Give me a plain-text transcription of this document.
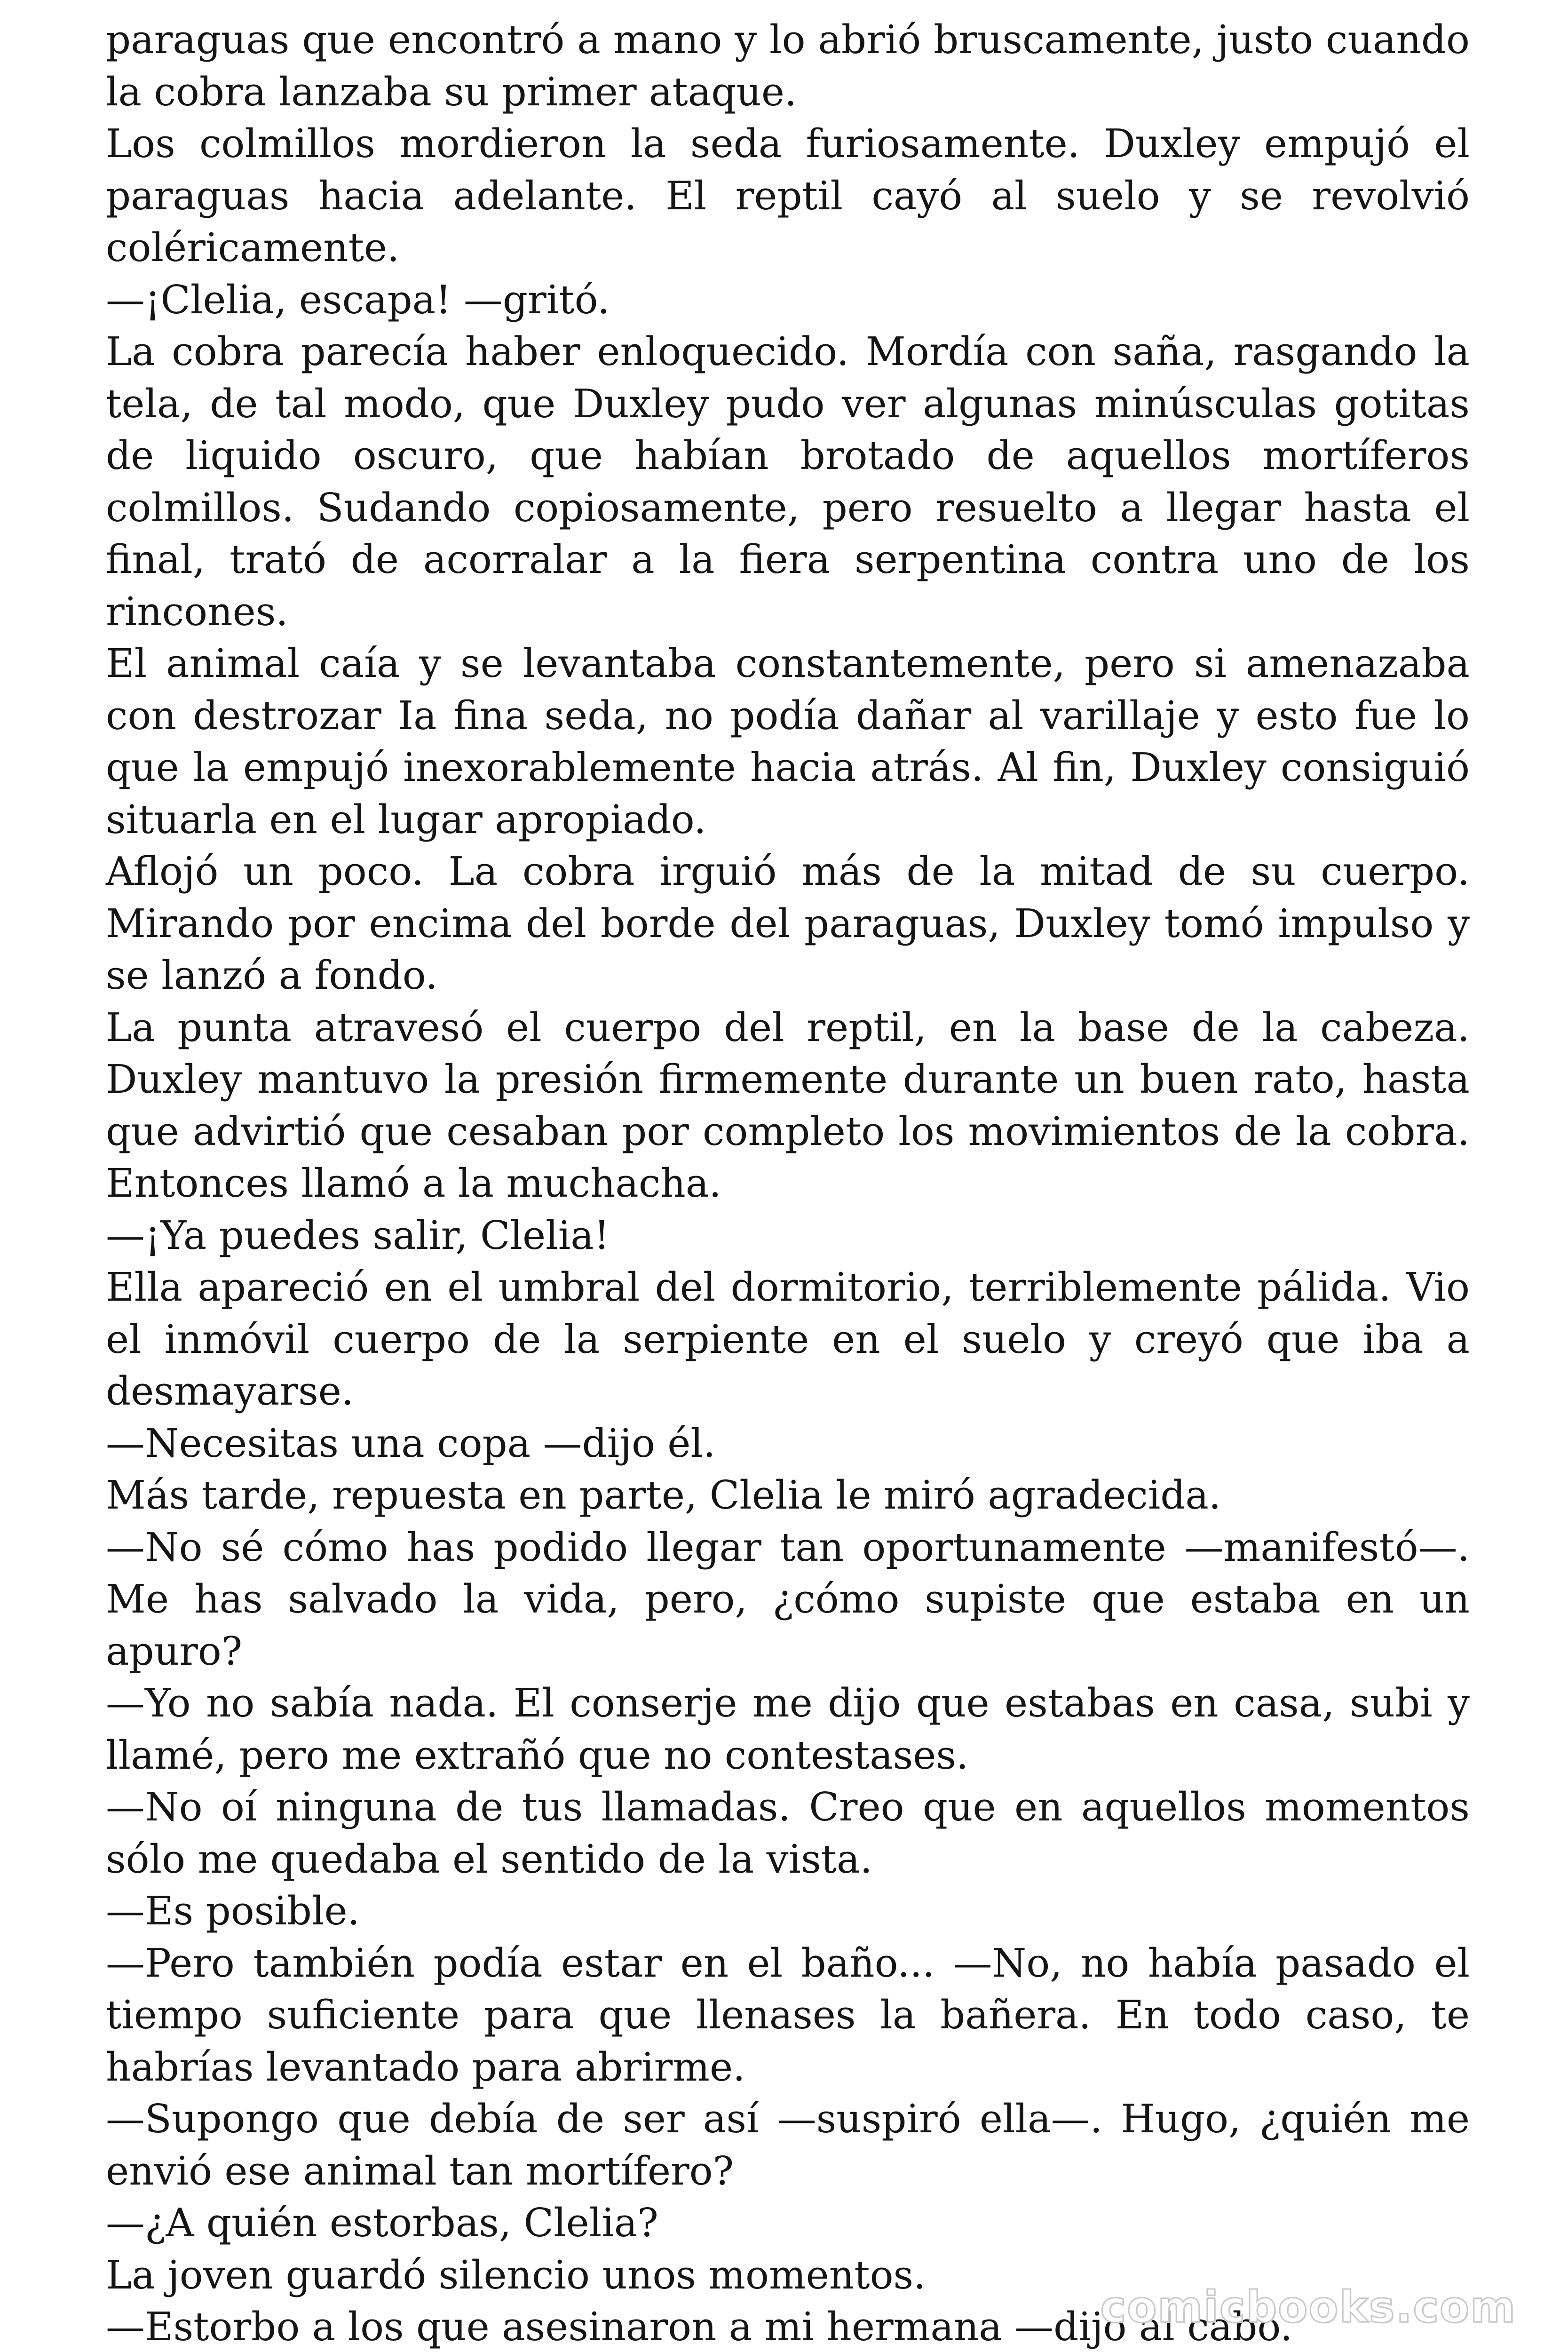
paraguas que encontró a mano y lo abrió bruscamente, justo cuando la cobra lanzaba su primer ataque.

Los colmillos mordieron la seda furiosamente. Duxley empujó el paraguas hacia adelante. El reptil cayó al suelo y se revolvió coléricamente.

—¡Clelia, escapa! —gritó.

La cobra parecía haber enloquecido. Mordía con saña, rasgando la tela, de tal modo, que Duxley pudo ver algunas minúsculas gotitas de liquido oscuro, que habían brotado de aquellos mortíferos colmillos. Sudando copiosamente, pero resuelto a llegar hasta el final, trató de acorralar a la fiera serpentina contra uno de los rincones.

El animal caía y se levantaba constantemente, pero si amenazaba con destrozar Ia fina seda, no podía dañar al varillaje y esto fue lo que la empujó inexorablemente hacia atrás. Al fin, Duxley consiguió situarla en el lugar apropiado.

Aflojó un poco. La cobra irguió más de la mitad de su cuerpo. Mirando por encima del borde del paraguas, Duxley tomó impulso y se lanzó a fondo.

La punta atravesó el cuerpo del reptil, en la base de la cabeza. Duxley mantuvo la presión firmemente durante un buen rato, hasta que advirtió que cesaban por completo los movimientos de la cobra. Entonces llamó a la muchacha.

—¡Ya puedes salir, Clelia!

Ella apareció en el umbral del dormitorio, terriblemente pálida. Vio el inmóvil cuerpo de la serpiente en el suelo y creyó que iba a desmayarse.

—Necesitas una copa —dijo él.

Más tarde, repuesta en parte, Clelia le miró agradecida.

—No sé cómo has podido llegar tan oportunamente —manifestó—. Me has salvado la vida, pero, ¿cómo supiste que estaba en un apuro?

—Yo no sabía nada. El conserje me dijo que estabas en casa, subi y llamé, pero me extrañó que no contestases.

—No oí ninguna de tus llamadas. Creo que en aquellos momentos sólo me quedaba el sentido de la vista.

—Es posible.

—Pero también podía estar en el baño... —No, no había pasado el tiempo suficiente para que llenases la bañera. En todo caso, te habrías levantado para abrirme.

—Supongo que debía de ser así —suspiró ella—. Hugo, ¿quién me envió ese animal tan mortífero?

—¿A quién estorbas, Clelia?

La joven guardó silencio unos momentos.

—Estorbo a los que asesinaron a mi hermana —dijo al cabo.

comicbooks.com
